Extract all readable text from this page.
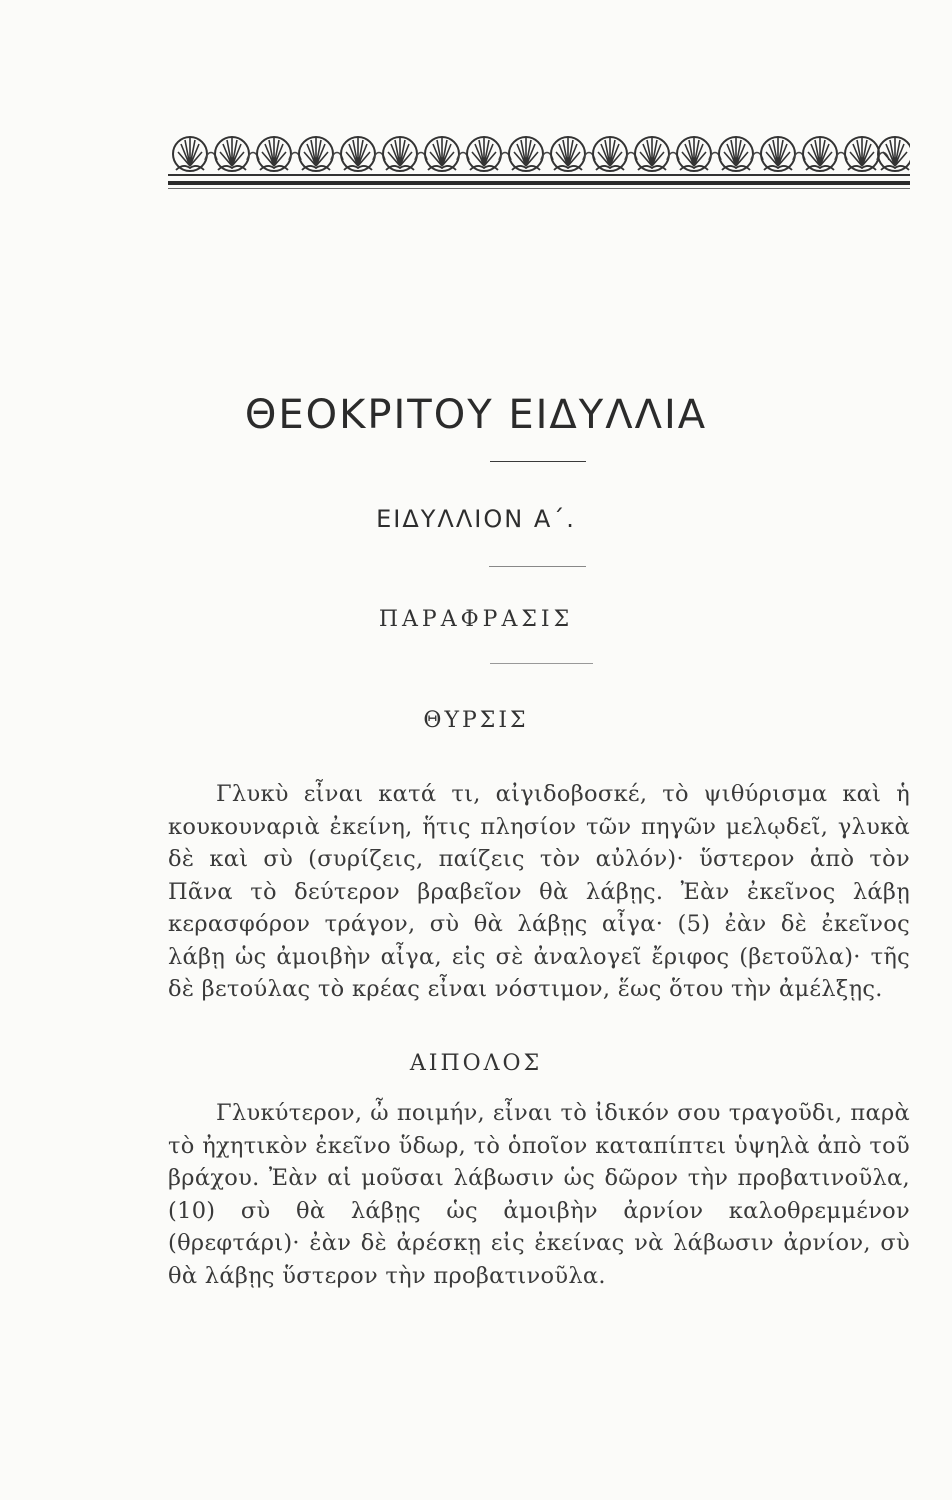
ΘΕΟΚΡΙΤΟΥ ΕΙΔΥΛΛΙΑ
ΕΙΔΥΛΛΙΟΝ Α΄.
ΠΑΡΑΦΡΑΣΙΣ
ΘΥΡΣΙΣ
Γλυκὺ εἶναι κατά τι, αἰγιδοβοσκέ, τὸ ψιθύρισμα καὶ ἡ κουκουναριὰ ἐκείνη, ἥτις πλησίον τῶν πηγῶν μελῳδεῖ, γλυκὰ δὲ καὶ σὺ (συρίζεις, παίζεις τὸν αὐλόν)· ὕστερον ἀπὸ τὸν Πᾶνα τὸ δεύτερον βραβεῖον θὰ λάβῃς. Ἐὰν ἐκεῖνος λάβῃ κερασφόρον τράγον, σὺ θὰ λάβῃς αἶγα· (5) ἐὰν δὲ ἐκεῖνος λάβῃ ὡς ἀμοιβὴν αἶγα, εἰς σὲ ἀναλογεῖ ἔριφος (βετοῦλα)· τῆς δὲ βετούλας τὸ κρέας εἶναι νόστιμον, ἕως ὅτου τὴν ἀμέλξῃς.
ΑΙΠΟΛΟΣ
Γλυκύτερον, ὦ ποιμήν, εἶναι τὸ ἰδικόν σου τραγοῦδι, παρὰ τὸ ἠχητικὸν ἐκεῖνο ὕδωρ, τὸ ὁποῖον καταπίπτει ὑψηλὰ ἀπὸ τοῦ βράχου. Ἐὰν αἱ μοῦσαι λάβωσιν ὡς δῶρον τὴν προβατινοῦλα, (10) σὺ θὰ λάβῃς ὡς ἀμοιβὴν ἀρνίον καλοθρεμμένον (θρεφτάρι)· ἐὰν δὲ ἀρέσκῃ εἰς ἐκείνας νὰ λάβωσιν ἀρνίον, σὺ θὰ λάβῃς ὕστερον τὴν προβατινοῦλα.
